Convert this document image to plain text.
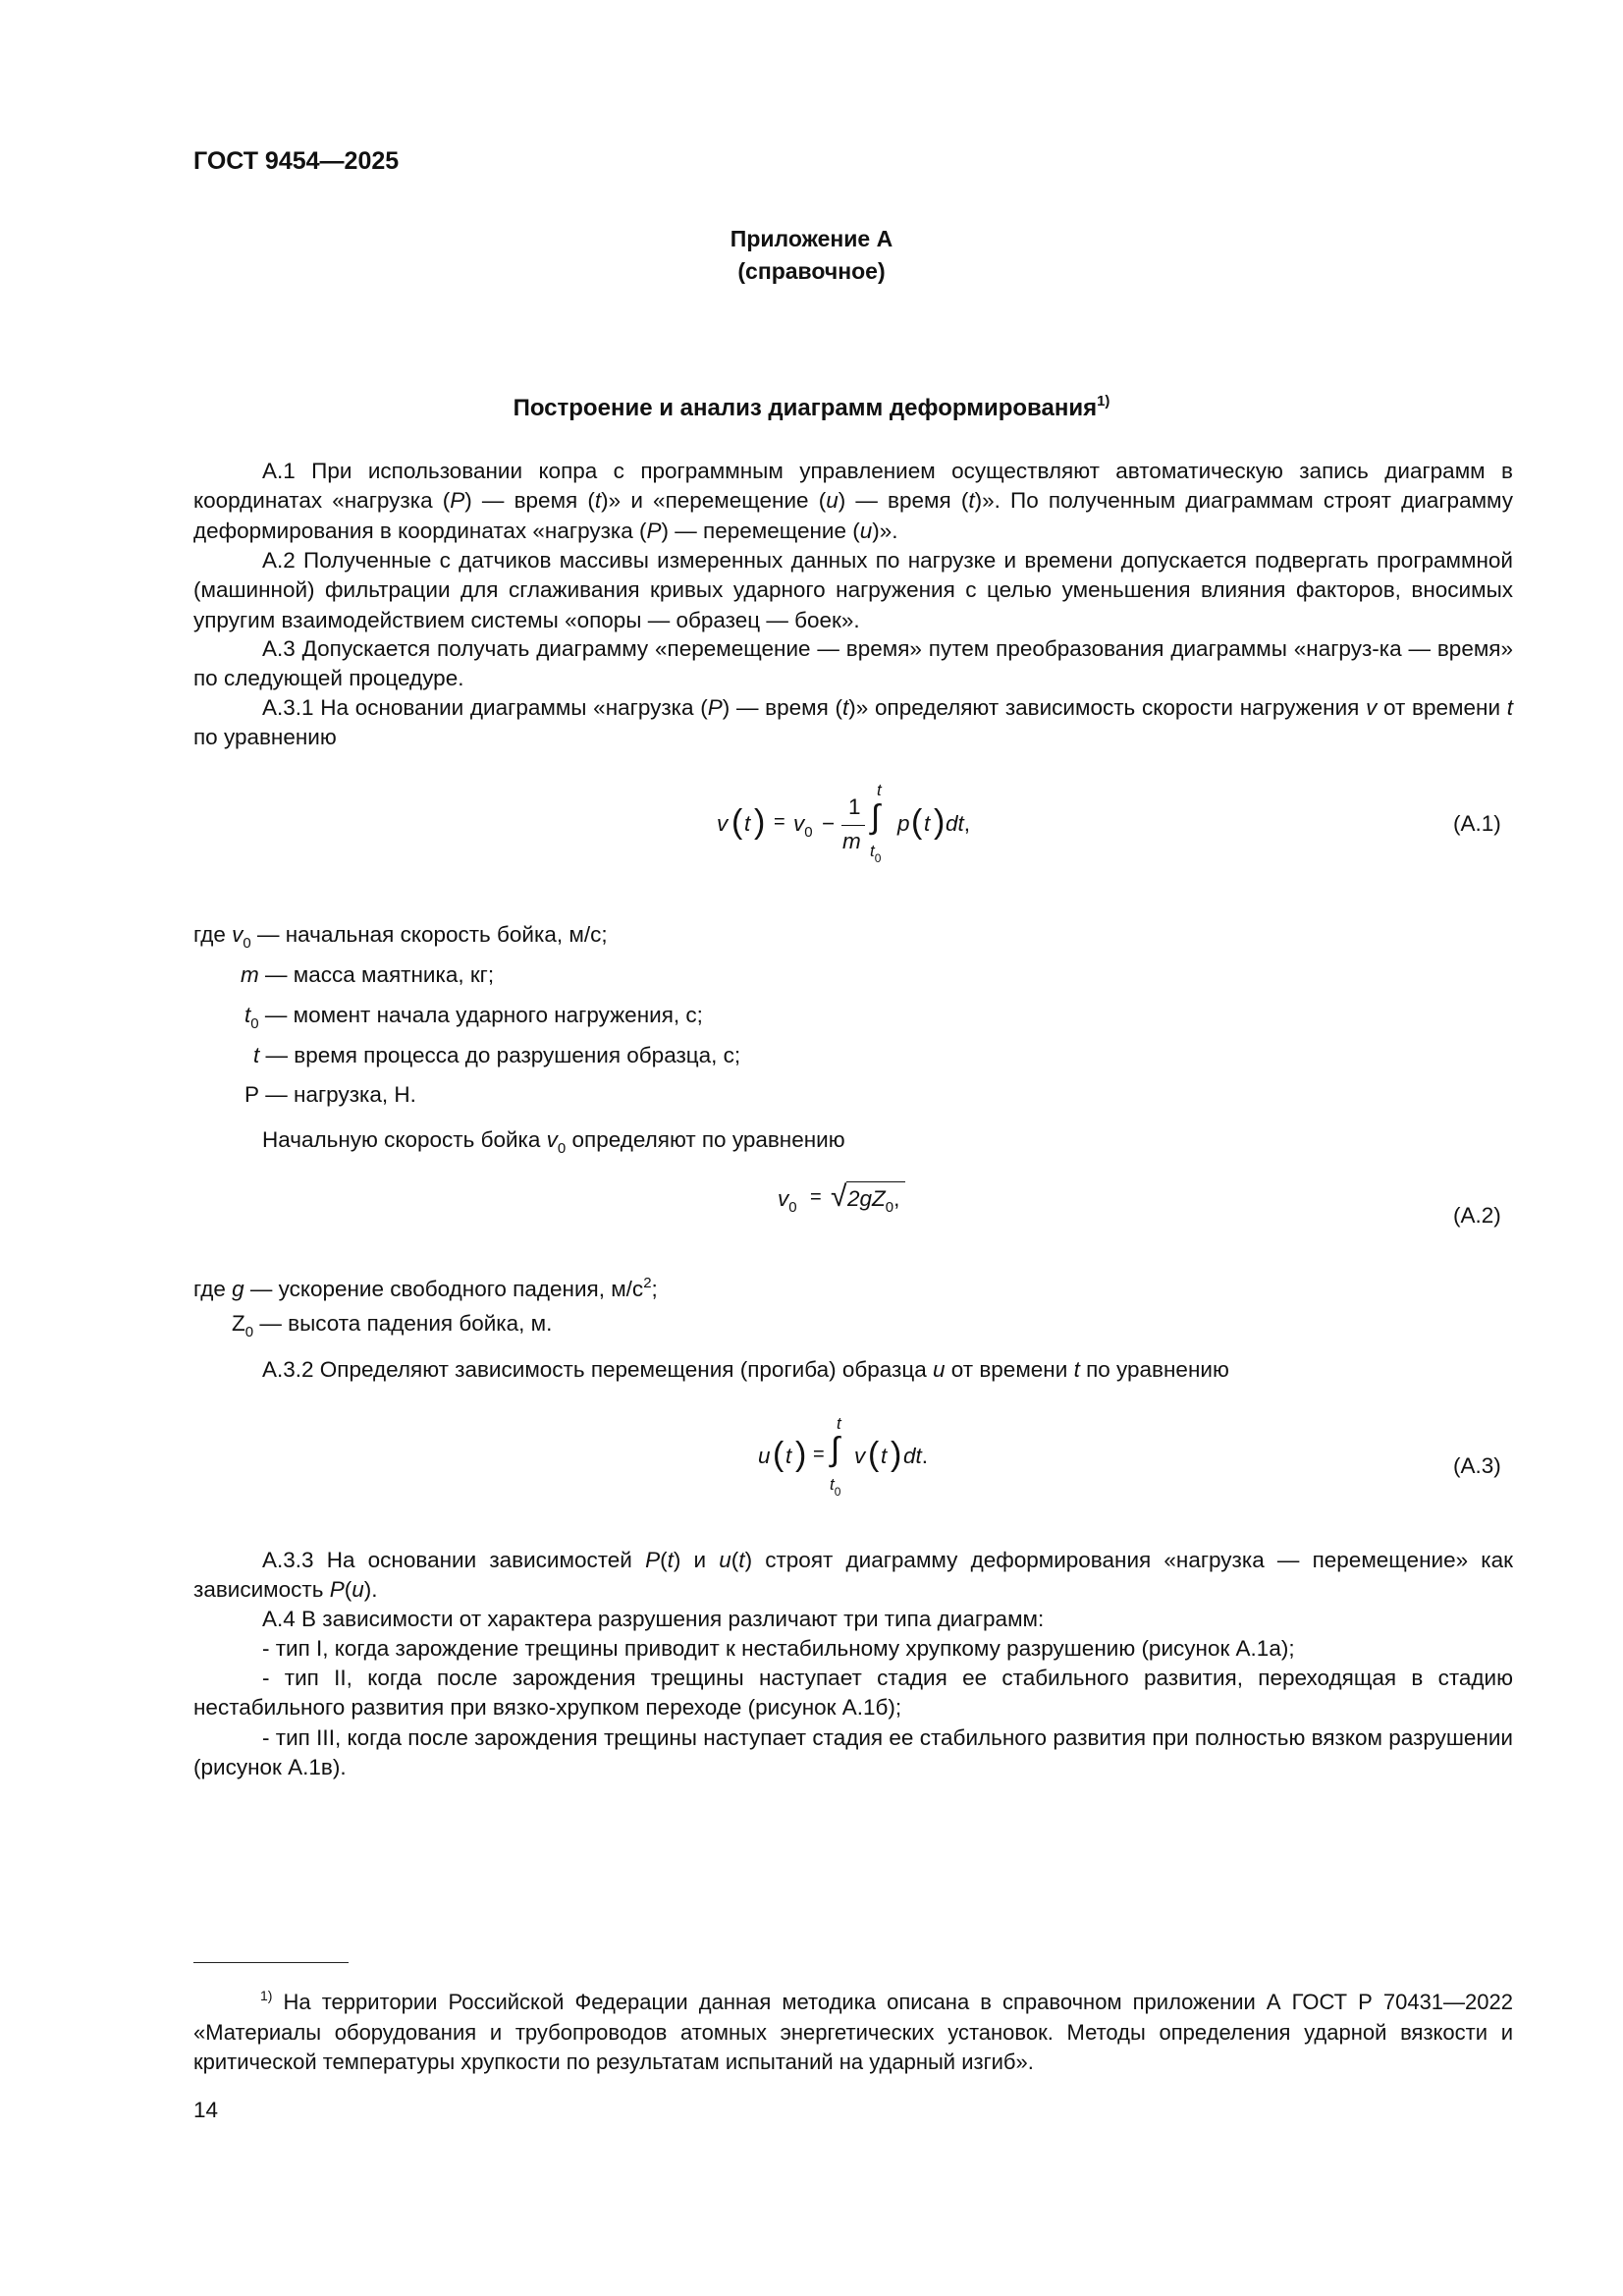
ГОСТ 9454—2025
Приложение А
(справочное)
Построение и анализ диаграмм деформирования$^{1)}$
А.1 При использовании копра с программным управлением осуществляют автоматическую запись диаграмм в координатах «нагрузка (P) — время (t)» и «перемещение (u) — время (t)». По полученным диаграммам строят диаграмму деформирования в координатах «нагрузка (P) — перемещение (u)».
А.2 Полученные с датчиков массивы измеренных данных по нагрузке и времени допускается подвергать программной (машинной) фильтрации для сглаживания кривых ударного нагружения с целью уменьшения влияния факторов, вносимых упругим взаимодействием системы «опоры — образец — боек».
А.3 Допускается получать диаграмму «перемещение — время» путем преобразования диаграммы «нагруз-ка — время» по следующей процедуре.
А.3.1 На основании диаграммы «нагрузка (P) — время (t)» определяют зависимость скорости нагружения v от времени t по уравнению
v ( t ) = $v_0$ −
1
m
t
∫
$t_0$
p ( t ) dt ,	(А.1)
где $v_0$ — начальная скорость бойка, м/с;
m — масса маятника, кг;
$t_0$ — момент начала ударного нагружения, с;
t — время процесса до разрушения образца, с;
Р — нагрузка, Н.
Начальную скорость бойка $v_0$ определяют по уравнению
$v_0$ = √ $2gZ_0$ ,
(А.2)
где g — ускорение свободного падения, $м/с^2$;
$Z_0$ — высота падения бойка, м.
А.3.2 Определяют зависимость перемещения (прогиба) образца u от времени t по уравнению
u ( t ) =
t
∫
$t_0$
v ( t ) dt .	(А.3)
А.3.3 На основании зависимостей P(t) и u(t) строят диаграмму деформирования «нагрузка — перемещение» как зависимость P(u).
А.4 В зависимости от характера разрушения различают три типа диаграмм:
- тип I, когда зарождение трещины приводит к нестабильному хрупкому разрушению (рисунок А.1а);
- тип II, когда после зарождения трещины наступает стадия ее стабильного развития, переходящая в стадию нестабильного развития при вязко-хрупком переходе (рисунок А.1б);
- тип III, когда после зарождения трещины наступает стадия ее стабильного развития при полностью вязком разрушении (рисунок А.1в).
$^{1)}$ На территории Российской Федерации данная методика описана в справочном приложении А ГОСТ Р 70431—2022 «Материалы оборудования и трубопроводов атомных энергетических установок. Методы определения ударной вязкости и критической температуры хрупкости по результатам испытаний на ударный изгиб».
14
